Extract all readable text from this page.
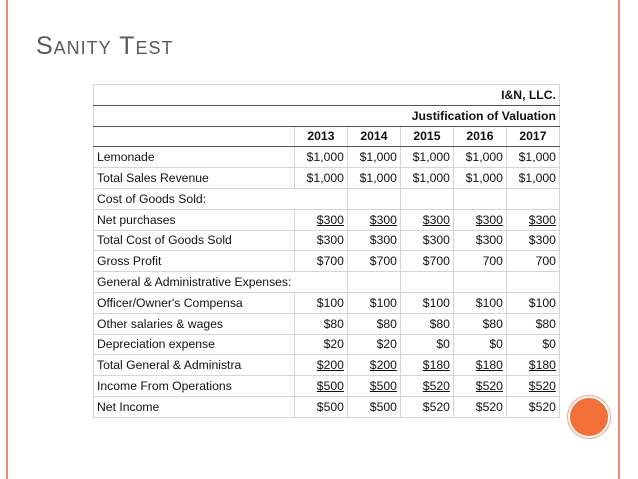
Sanity Test
I&N, LLC.					
Justification of Valuation					
	2013	2014	2015	2016	2017
Lemonade	$1,000	$1,000	$1,000	$1,000	$1,000
Total Sales Revenue	$1,000	$1,000	$1,000	$1,000	$1,000
Cost of Goods Sold:					
Net purchases	$300	$300	$300	$300	$300
Total Cost of Goods Sold	$300	$300	$300	$300	$300
Gross Profit	$700	$700	$700	700	700
General & Administrative Expenses:					
Officer/Owner's Compensa	$100	$100	$100	$100	$100
Other salaries & wages	$80	$80	$80	$80	$80
Depreciation expense	$20	$20	$0	$0	$0
Total General & Administra	$200	$200	$180	$180	$180
Income From Operations	$500	$500	$520	$520	$520
Net Income	$500	$500	$520	$520	$520
